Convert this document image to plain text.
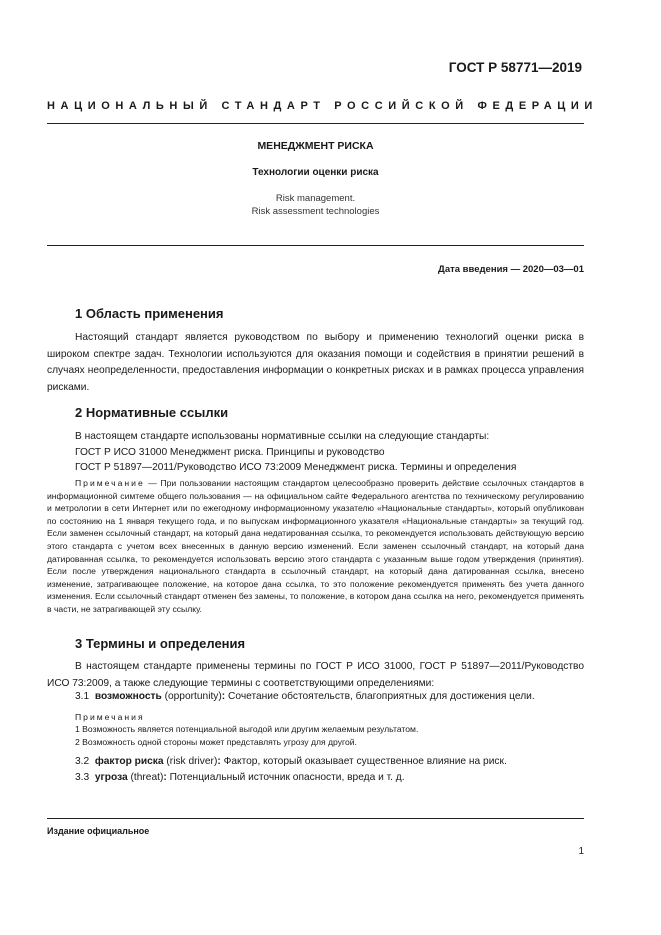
ГОСТ Р 58771—2019
НАЦИОНАЛЬНЫЙ СТАНДАРТ РОССИЙСКОЙ ФЕДЕРАЦИИ
МЕНЕДЖМЕНТ РИСКА
Технологии оценки риска
Risk management.
Risk assessment technologies
Дата введения — 2020—03—01
1 Область применения
Настоящий стандарт является руководством по выбору и применению технологий оценки риска в широком спектре задач. Технологии используются для оказания помощи и содействия в принятии решений в случаях неопределенности, предоставления информации о конкретных рисках и в рамках процесса управления рисками.
2 Нормативные ссылки
В настоящем стандарте использованы нормативные ссылки на следующие стандарты:
ГОСТ Р ИСО 31000 Менеджмент риска. Принципы и руководство
ГОСТ Р 51897—2011/Руководство ИСО 73:2009 Менеджмент риска. Термины и определения
Примечание — При пользовании настоящим стандартом целесообразно проверить действие ссылочных стандартов в информационной симтеме общего пользования — на официальном сайте Федерального агентства по техническому регулированию и метрологии в сети Интернет или по ежегодному информационному указателю «Национальные стандарты», который опубликован по состоянию на 1 января текущего года, и по выпускам информационного указателя «Национальные стандарты» за текущий год. Если заменен ссылочный стандарт, на который дана недатированная ссылка, то рекомендуется использовать действующую версию этого стандарта с учетом всех внесенных в данную версию изменений. Если заменен ссылочный стандарт, на который дана датированная ссылка, то рекомендуется использовать версию этого стандарта с указанным выше годом утверждения (принятия). Если после утверждения национального стандарта в ссылочный стандарт, на который дана датированная ссылка, внесено изменение, затрагивающее положение, на которое дана ссылка, то это положение рекомендуется применять без учета данного изменения. Если ссылочный стандарт отменен без замены, то положение, в котором дана ссылка на него, рекомендуется применять в части, не затрагивающей эту ссылку.
3 Термины и определения
В настоящем стандарте применены термины по ГОСТ Р ИСО 31000, ГОСТ Р 51897—2011/Руководство ИСО 73:2009, а также следующие термины с соответствующими определениями:
3.1 возможность (opportunity): Сочетание обстоятельств, благоприятных для достижения цели.
Примечания
1 Возможность является потенциальной выгодой или другим желаемым результатом.
2 Возможность одной стороны может представлять угрозу для другой.
3.2 фактор риска (risk driver): Фактор, который оказывает существенное влияние на риск.
3.3 угроза (threat): Потенциальный источник опасности, вреда и т. д.
Издание официальное
1
